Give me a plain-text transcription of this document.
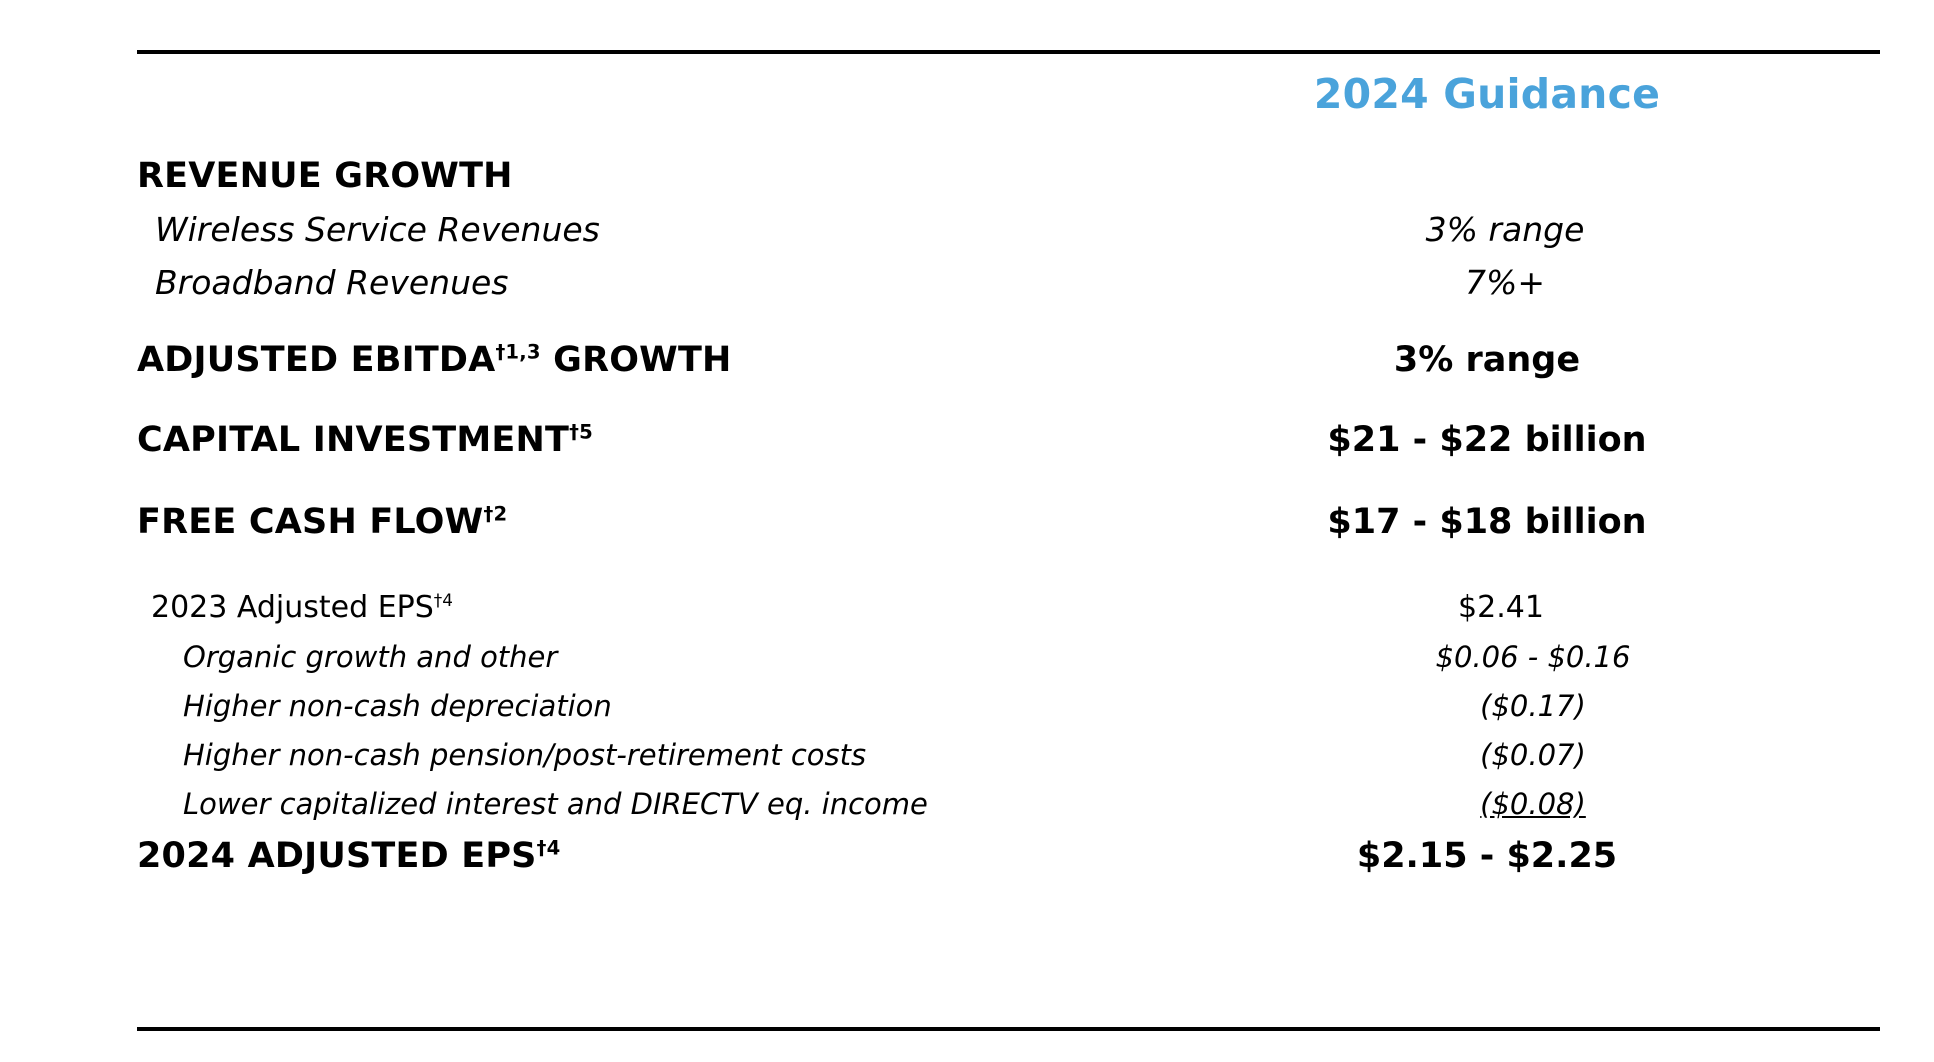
2024 Guidance
REVENUE GROWTH
Wireless Service Revenues	3% range
Broadband Revenues	7%+
ADJUSTED EBITDA$^{\dagger 1,3}$ GROWTH	3% range
CAPITAL INVESTMENT$^{\dagger 5}$	$21 - $22 billion
FREE CASH FLOW$^{\dagger 2}$	$17 - $18 billion
2023 Adjusted EPS$^{\dagger 4}$	$2.41
Organic growth and other	$0.06 - $0.16
Higher non-cash depreciation	($0.17)
Higher non-cash pension/post-retirement costs	($0.07)
Lower capitalized interest and DIRECTV eq. income	($0.08)
2024 ADJUSTED EPS$^{\dagger 4}$	$2.15 - $2.25
